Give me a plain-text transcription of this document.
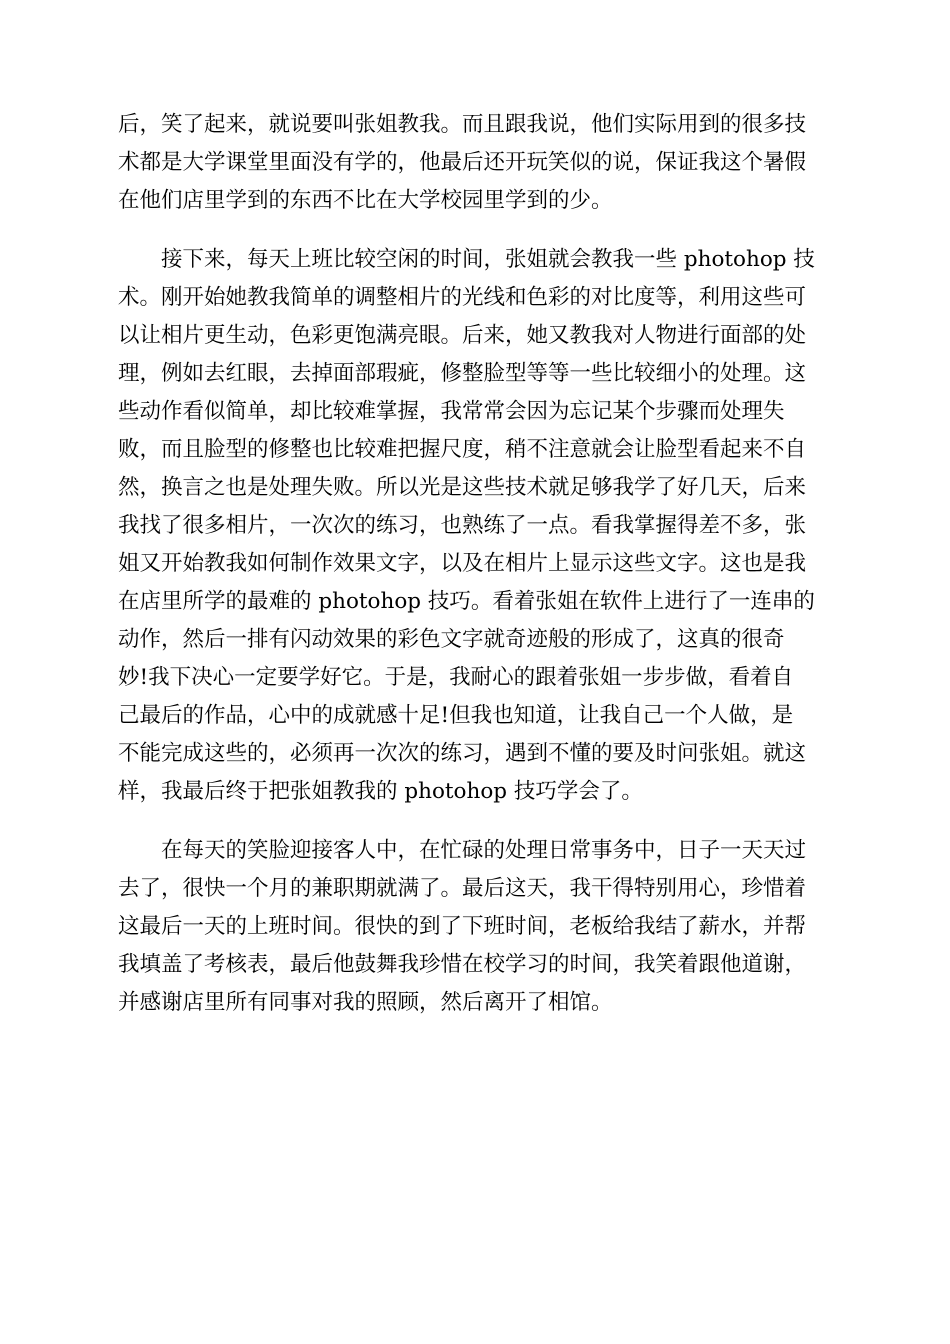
后，笑了起来，就说要叫张姐教我。而且跟我说，他们实际用到的很多技
术都是大学课堂里面没有学的，他最后还开玩笑似的说，保证我这个暑假
在他们店里学到的东西不比在大学校园里学到的少。
接下来，每天上班比较空闲的时间，张姐就会教我一些 photohop 技
术。刚开始她教我简单的调整相片的光线和色彩的对比度等，利用这些可
以让相片更生动，色彩更饱满亮眼。后来，她又教我对人物进行面部的处
理，例如去红眼，去掉面部瑕疵，修整脸型等等一些比较细小的处理。这
些动作看似简单，却比较难掌握，我常常会因为忘记某个步骤而处理失
败，而且脸型的修整也比较难把握尺度，稍不注意就会让脸型看起来不自
然，换言之也是处理失败。所以光是这些技术就足够我学了好几天，后来
我找了很多相片，一次次的练习，也熟练了一点。看我掌握得差不多，张
姐又开始教我如何制作效果文字，以及在相片上显示这些文字。这也是我
在店里所学的最难的 photohop 技巧。看着张姐在软件上进行了一连串的
动作，然后一排有闪动效果的彩色文字就奇迹般的形成了，这真的很奇
妙!我下决心一定要学好它。于是，我耐心的跟着张姐一步步做，看着自
己最后的作品，心中的成就感十足!但我也知道，让我自己一个人做，是
不能完成这些的，必须再一次次的练习，遇到不懂的要及时问张姐。就这
样，我最后终于把张姐教我的 photohop 技巧学会了。
在每天的笑脸迎接客人中，在忙碌的处理日常事务中，日子一天天过
去了，很快一个月的兼职期就满了。最后这天，我干得特别用心，珍惜着
这最后一天的上班时间。很快的到了下班时间，老板给我结了薪水，并帮
我填盖了考核表，最后他鼓舞我珍惜在校学习的时间，我笑着跟他道谢，
并感谢店里所有同事对我的照顾，然后离开了相馆。
